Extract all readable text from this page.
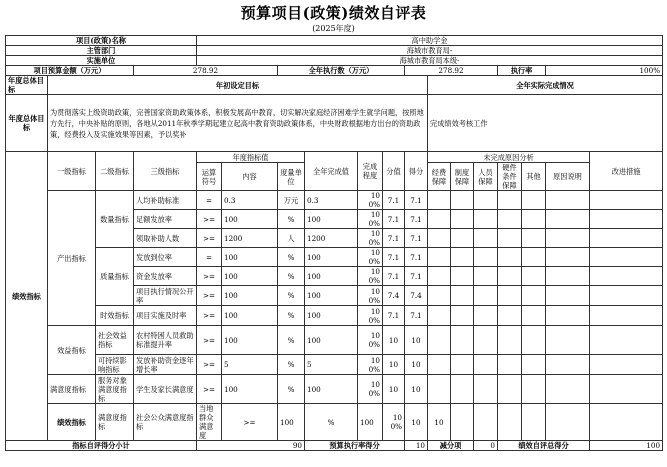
预算项目(政策)绩效自评表
(2025年度)
项目(政策)名称				高中助学金													
主管部门				海城市教育局-													
实施单位				海城市教育局本级-													
项目预算金额（万元）			278.92			全年执行数（万元）				278.92				执行率		100%	
年度总体目标	年初设定目标										全年实际完成情况						
年度总体目标	为贯彻落实上级资助政策，完善国家资助政策体系，积极发展高中教育，切实解决家庭经济困难学生就学问题，按照地方先行，中央补贴的原则，各地从2011年秋季学期起建立起高中教育资助政策体系，中央财政根据地方出台的资助政策，经费投入及实施效果等因素，予以奖补										完成绩效考核工作						
绩效指标	一级指标	二级指标	三级指标	年度指标值			全年完成值	完成程度	分值	得分	未完成原因分析						改进措施
				运算符号	内容	度量单位					经费保障	制度保障	人员保障	硬件条件保障	其他	原因说明	

	产出指标	数量指标	人均补助标准	=	0.3	万元	0.3	100%	7.1	7.1							
			足额发放率	>=	100	%	100	100%	7.1	7.1							
			领取补助人数	>=	1200	人	1200	100%	7.1	7.1							
		质量指标	发放到位率	=	100	%	100	100%	7.1	7.1							
			资金发放率	>=	100	%	100	100%	7.1	7.1							
			项目执行情况公开率	>=	100	%	100	100%	7.4	7.4							
		时效指标	项目实施及时率	>=	100	%	100	100%	7.1	7.1							
	效益指标	社会效益指标	农村特困人员救助标准提升率	>=	100	%	100	100%	10	10							
		可持续影响指标	发放补助资金逐年增长率	>=	5	%	5	100%	10	10							
	满意度指标	服务对象满意度指标	学生及家长满意度	>=	100	%	100	100%	10	10							
	绩效指标	满意度指标	社会公众满意度指标	当地群众满意度	>=	100	%	100	100%	10	10						
指标自评得分小计				90			预算执行率得分			10	减分项		0	绩效自评总得分			100
